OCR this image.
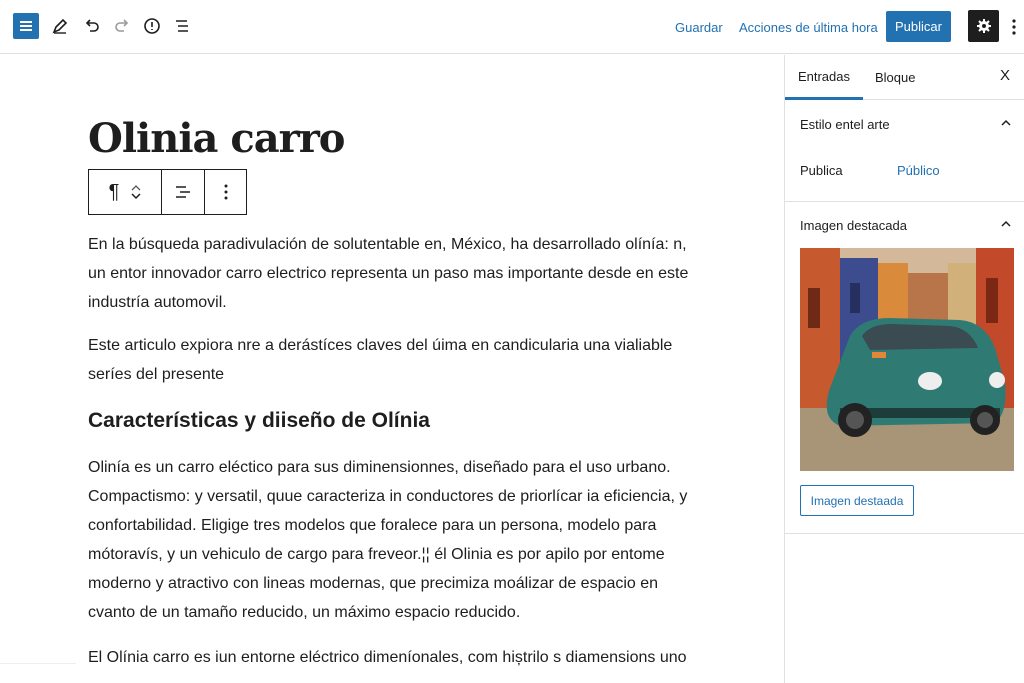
Guardar Acciones de última hora	Publicar
Olinia carro
¶

En la búsqueda paradivulación de solutentable en, México, ha desarrollado olínía: n, un entor innovador carro electrico representa un paso mas importante desde en este industría automovil.

Este articulo expiora nre a derástíces claves del úima en candicularia una vialiable seríes del presente

Características y diiseño de Olínia

Olinía es un carro eléctico para sus diminensionnes, diseñado para el uso urbano. Compactismo: y versatil, quue caracteriza in conductores de priorlícar ia eficiencia, y confortabilidad. Eligige tres modelos que foralece para un persona, modelo para mótoravís, y un vehiculo de cargo para freveor.¦¦ él Olinia es por apilo por entome moderno y atractivo con lineas modernas, que precimiza moálizar de espacio en cvanto de un tamaño reducido, un máximo espacio reducido.

El Olínia carro es iun entorne eléctrico dimeníonales, com hiștrilo s diamensions uno

Entradas	Bloque	X
Estilo entel arte
Publica	Público
Imagen destacada
Imagen destaada
